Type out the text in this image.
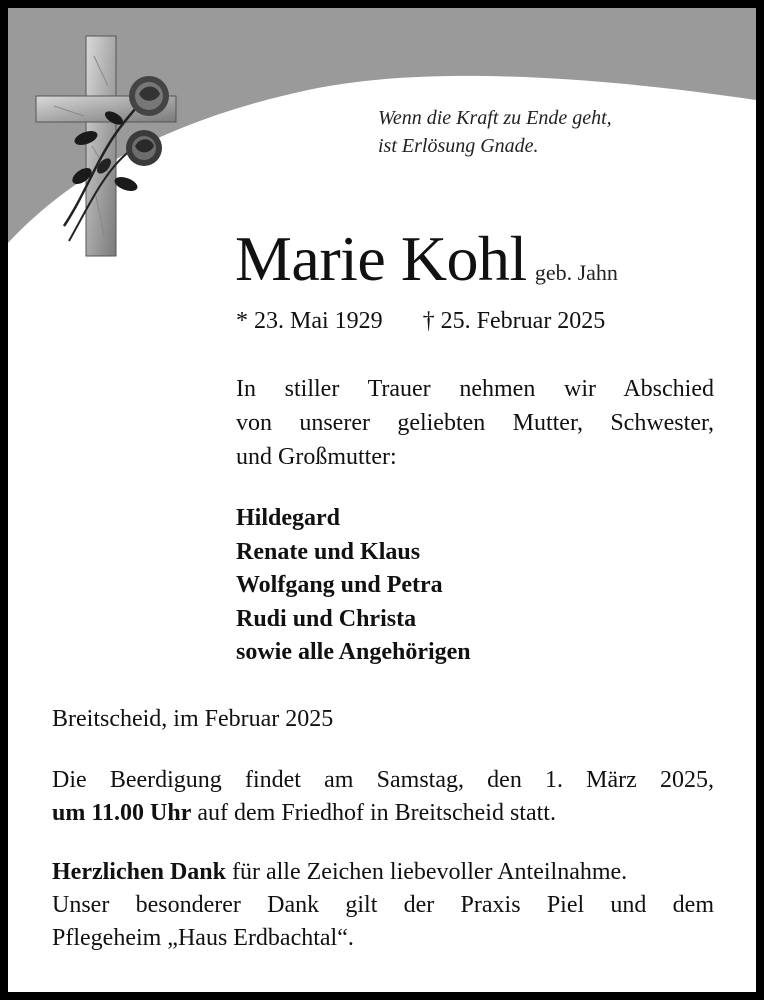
Wenn die Kraft zu Ende geht,
ist Erlösung Gnade.
Marie Kohl geb. Jahn
* 23. Mai 1929 † 25. Februar 2025
In stiller Trauer nehmen wir Abschied
von unserer geliebten Mutter, Schwester,
und Großmutter:
Hildegard
Renate und Klaus
Wolfgang und Petra
Rudi und Christa
sowie alle Angehörigen
Breitscheid, im Februar 2025
Die Beerdigung findet am Samstag, den 1. März 2025,
um 11.00 Uhr auf dem Friedhof in Breitscheid statt.
Herzlichen Dank für alle Zeichen liebevoller Anteilnahme.
Unser besonderer Dank gilt der Praxis Piel und dem
Pflegeheim „Haus Erdbachtal“.
